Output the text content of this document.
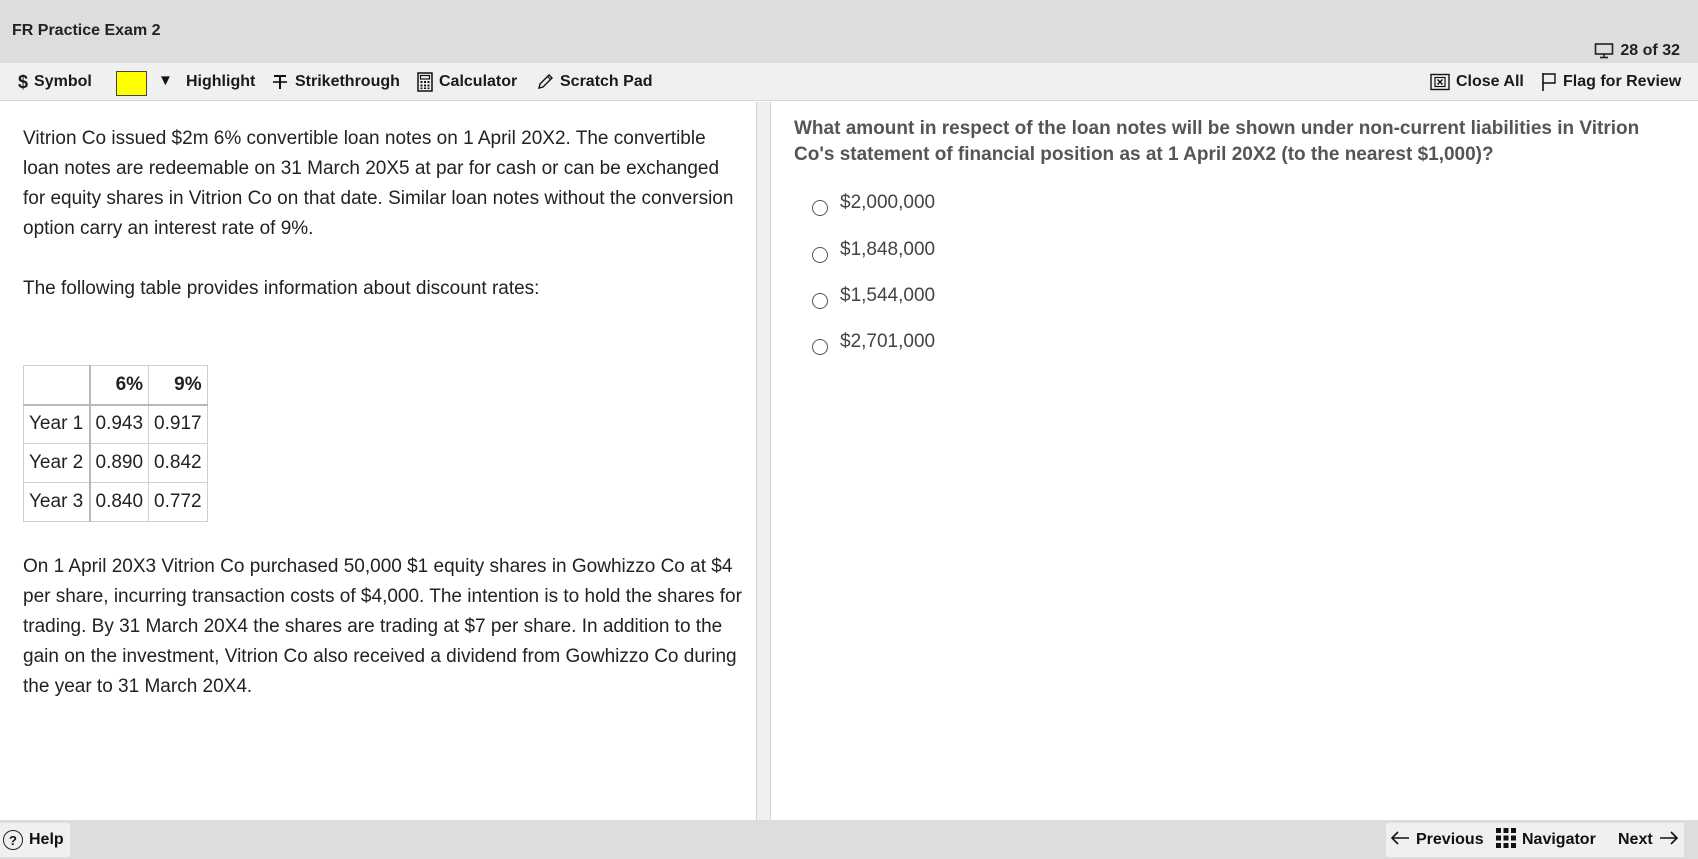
FR Practice Exam 2
28 of 32
$ Symbol	▼ Highlight Strikethrough Calculator	Scratch Pad	Close All Flag for Review

Vitrion Co issued $2m 6% convertible loan notes on 1 April 20X2. The convertible loan notes are redeemable on 31 March 20X5 at par for cash or can be exchanged for equity shares in Vitrion Co on that date. Similar loan notes without the conversion option carry an interest rate of 9%.

The following table provides information about discount rates:

	6%	9%
Year 1	0.943	0.917
Year 2	0.890	0.842
Year 3	0.840	0.772

On 1 April 20X3 Vitrion Co purchased 50,000 $1 equity shares in Gowhizzo Co at $4 per share, incurring transaction costs of $4,000. The intention is to hold the shares for trading. By 31 March 20X4 the shares are trading at $7 per share. In addition to the gain on the investment, Vitrion Co also received a dividend from Gowhizzo Co during the year to 31 March 20X4.

What amount in respect of the loan notes will be shown under non-current liabilities in Vitrion Co's statement of financial position as at 1 April 20X2 (to the nearest $1,000)?
$2,000,000
$1,848,000
$1,544,000
$2,701,000
? Help	Previous Navigator Next
